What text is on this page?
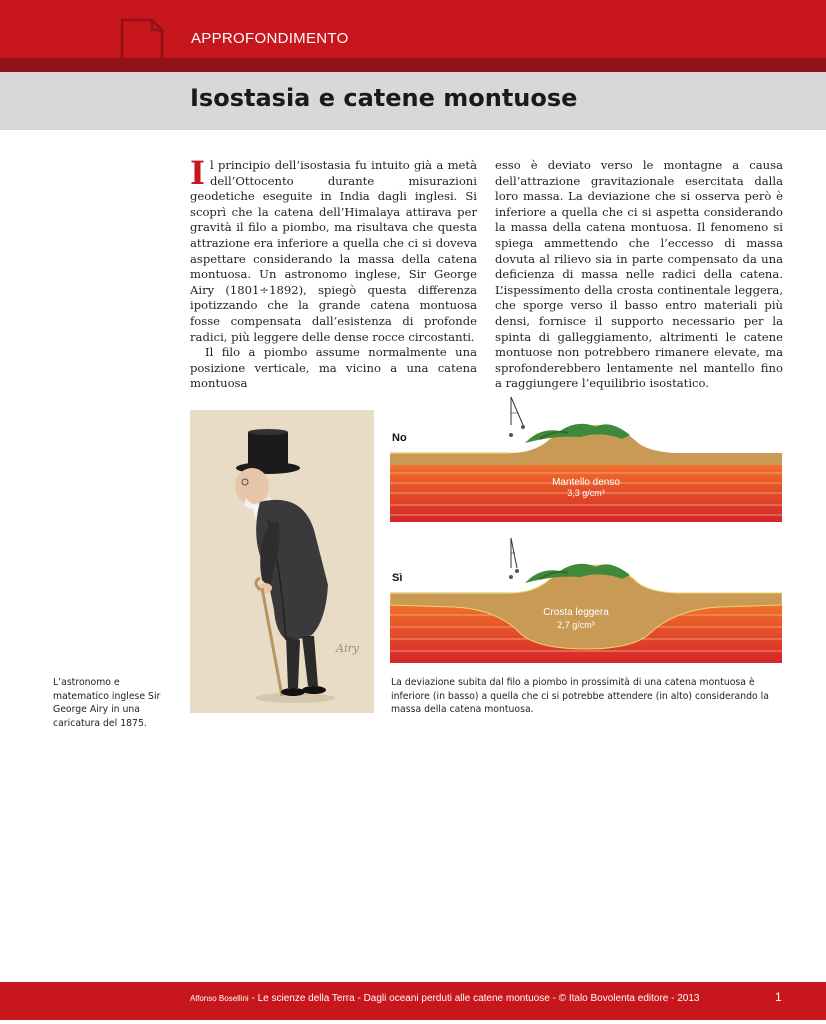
APPROFONDIMENTO
Isostasia e catene montuose
I l principio dell’isostasia fu intuito già a metà dell’Ottocento durante misurazioni geodetiche eseguite in India dagli inglesi. Si scoprì che la catena dell’Himalaya attirava per gravità il filo a piombo, ma risultava che questa attrazione era inferiore a quella che ci si doveva aspettare considerando la massa della catena montuosa. Un astronomo inglese, Sir George Airy (1801÷1892), spiegò questa differenza ipotizzando che la grande catena montuosa fosse compensata dall’esistenza di profonde radici, più leggere delle dense rocce circostanti.

Il filo a piombo assume normalmente una posizione verticale, ma vicino a una catena montuosa

esso è deviato verso le montagne a causa dell’attrazione gravitazionale esercitata dalla loro massa. La deviazione che si osserva però è inferiore a quella che ci si aspetta considerando la massa della catena montuosa. Il fenomeno si spiega ammettendo che l’eccesso di massa dovuta al rilievo sia in parte compensato da una deficienza di massa nelle radici della catena. L’ispessimento della crosta continentale leggera, che sporge verso il basso entro materiali più densi, fornisce il supporto necessario per la spinta di galleggiamento, altrimenti le catene montuose non potrebbero rimanere elevate, ma sprofonderebbero lentamente nel mantello fino a raggiungere l’equilibrio isostatico.

Airy
L’astronomo e matematico inglese Sir George Airy in una caricatura del 1875.
No
Mantello denso
3,3 g/cm³
Sì
Crosta leggera
2,7 g/cm³
La deviazione subita dal filo a piombo in prossimità di una catena montuosa è inferiore (in basso) a quella che ci si potrebbe attendere (in alto) considerando la massa della catena montuosa.
Alfonso Bosellini - Le scienze della Terra - Dagli oceani perduti alle catene montuose - © Italo Bovolenta editore - 2013	1
